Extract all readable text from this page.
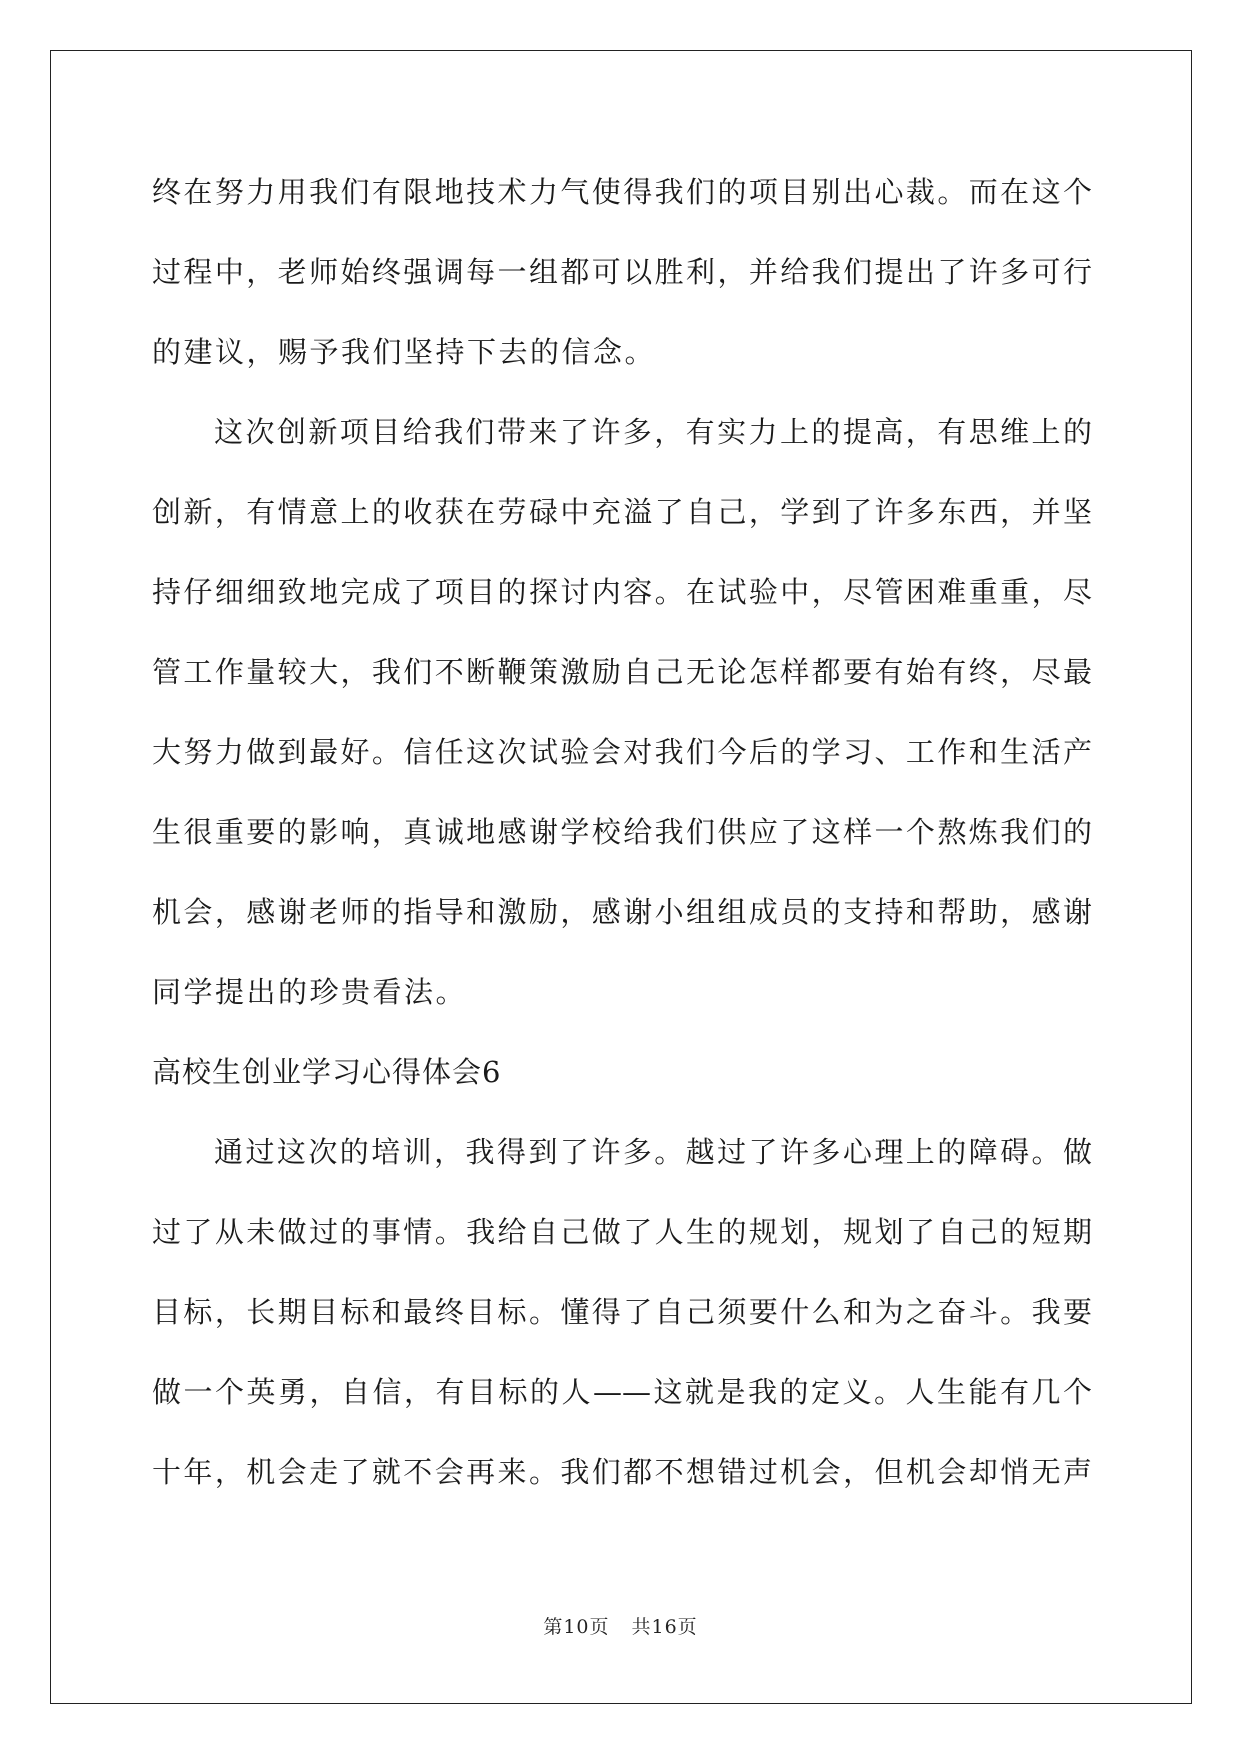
终在努力用我们有限地技术力气使得我们的项目别出心裁。而在这个
过程中，老师始终强调每一组都可以胜利，并给我们提出了许多可行
的建议，赐予我们坚持下去的信念。
这次创新项目给我们带来了许多，有实力上的提高，有思维上的
创新，有情意上的收获在劳碌中充溢了自己，学到了许多东西，并坚
持仔细细致地完成了项目的探讨内容。在试验中，尽管困难重重，尽
管工作量较大，我们不断鞭策激励自己无论怎样都要有始有终，尽最
大努力做到最好。信任这次试验会对我们今后的学习、工作和生活产
生很重要的影响，真诚地感谢学校给我们供应了这样一个熬炼我们的
机会，感谢老师的指导和激励，感谢小组组成员的支持和帮助，感谢
同学提出的珍贵看法。
高校生创业学习心得体会6
通过这次的培训，我得到了许多。越过了许多心理上的障碍。做
过了从未做过的事情。我给自己做了人生的规划，规划了自己的短期
目标，长期目标和最终目标。懂得了自己须要什么和为之奋斗。我要
做一个英勇，自信，有目标的人——这就是我的定义。人生能有几个
十年，机会走了就不会再来。我们都不想错过机会，但机会却悄无声
第10页 共16页
